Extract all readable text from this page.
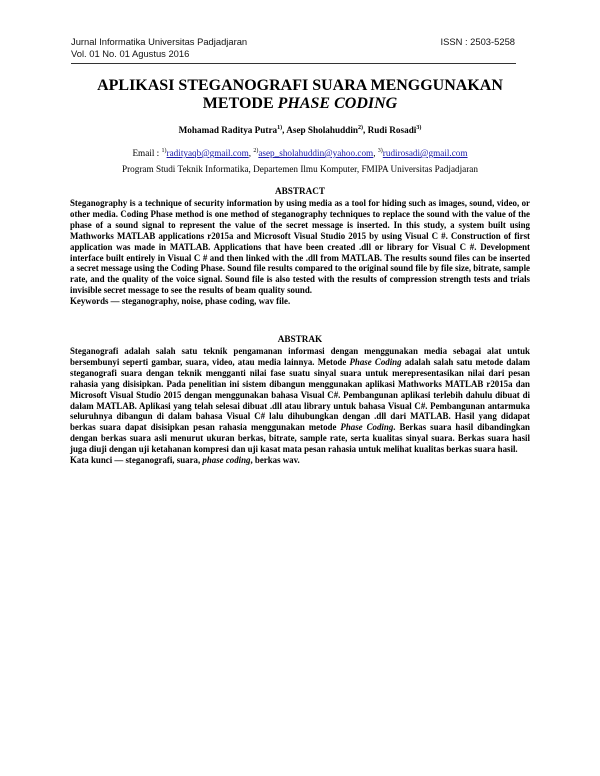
Jurnal Informatika Universitas Padjadjaran
Vol. 01 No. 01 Agustus 2016
ISSN : 2503-5258
APLIKASI STEGANOGRAFI SUARA MENGGUNAKAN
METODE PHASE CODING
Mohamad Raditya Putra$^{1)}$, Asep Sholahuddin$^{2)}$, Rudi Rosadi$^{3)}$
Email : $^{1)}$radityaqb@gmail.com, $^{2)}$asep_sholahuddin@yahoo.com, $^{3)}$rudirosadi@gmail.com
Program Studi Teknik Informatika, Departemen Ilmu Komputer, FMIPA Universitas Padjadjaran
ABSTRACT

Steganography is a technique of security information by using media as a tool for hiding such as images, sound, video, or other media. Coding Phase method is one method of steganography techniques to replace the sound with the value of the phase of a sound signal to represent the value of the secret message is inserted. In this study, a system built using Mathworks MATLAB applications r2015a and Microsoft Visual Studio 2015 by using Visual C #. Construction of first application was made in MATLAB. Applications that have been created .dll or library for Visual C #. Development interface built entirely in Visual C # and then linked with the .dll from MATLAB. The results sound files can be inserted a secret message using the Coding Phase. Sound file results compared to the original sound file by file size, bitrate, sample rate, and the quality of the voice signal. Sound file is also tested with the results of compression strength tests and trials invisible secret message to see the results of beam quality sound.

Keywords — steganography, noise, phase coding, wav file.

ABSTRAK

Steganografi adalah salah satu teknik pengamanan informasi dengan menggunakan media sebagai alat untuk bersembunyi seperti gambar, suara, video, atau media lainnya. Metode Phase Coding adalah salah satu metode dalam steganografi suara dengan teknik mengganti nilai fase suatu sinyal suara untuk merepresentasikan nilai dari pesan rahasia yang disisipkan. Pada penelitian ini sistem dibangun menggunakan aplikasi Mathworks MATLAB r2015a dan Microsoft Visual Studio 2015 dengan menggunakan bahasa Visual C#. Pembangunan aplikasi terlebih dahulu dibuat di dalam MATLAB. Aplikasi yang telah selesai dibuat .dll atau library untuk bahasa Visual C#. Pembangunan antarmuka seluruhnya dibangun di dalam bahasa Visual C# lalu dihubungkan dengan .dll dari MATLAB. Hasil yang didapat berkas suara dapat disisipkan pesan rahasia menggunakan metode Phase Coding. Berkas suara hasil dibandingkan dengan berkas suara asli menurut ukuran berkas, bitrate, sample rate, serta kualitas sinyal suara. Berkas suara hasil juga diuji dengan uji ketahanan kompresi dan uji kasat mata pesan rahasia untuk melihat kualitas berkas suara hasil.

Kata kunci — steganografi, suara, phase coding, berkas wav.
